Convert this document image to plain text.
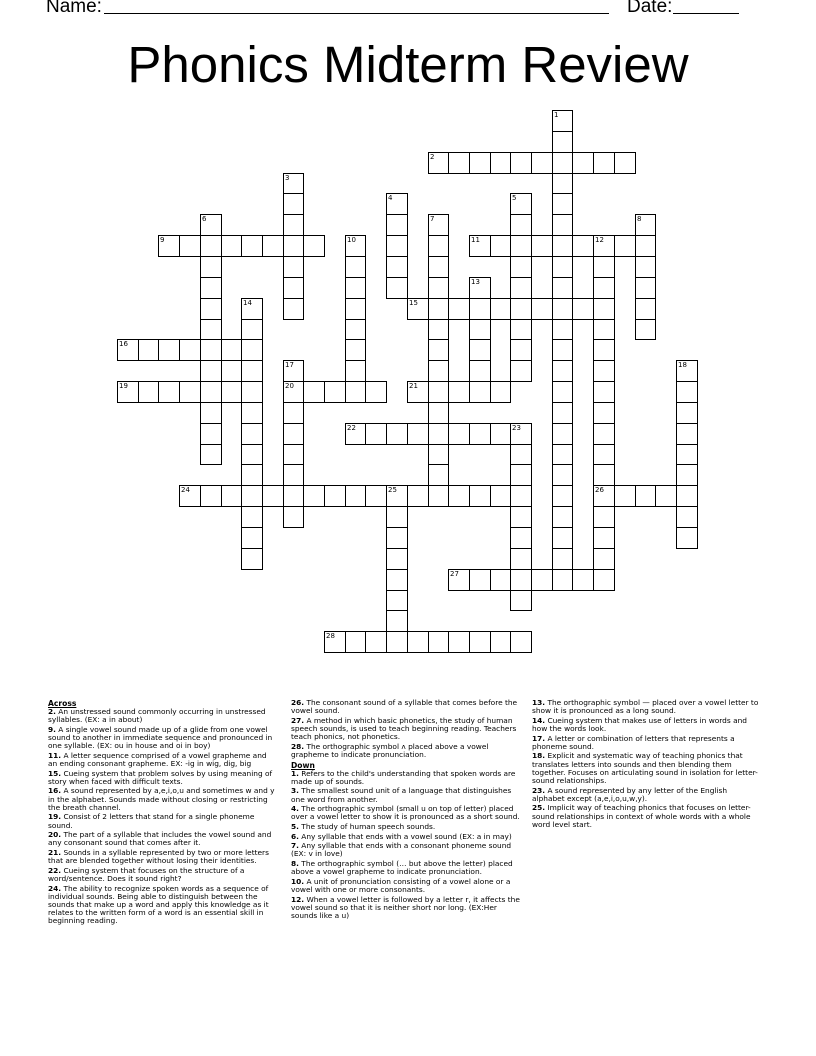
Name:	Date:
Phonics Midterm Review
1
2
3
4	5
6	7	8
9	10	11	12
26
13
14	15
16
17
20
18
19	21
22	23
24	25
27
28
Across
2. An unstressed sound commonly occurring in unstressed syllables. (EX: a in about)
9. A single vowel sound made up of a glide from one vowel sound to another in immediate sequence and pronounced in one syllable. (EX: ou in house and oi in boy)
11. A letter sequence comprised of a vowel grapheme and an ending consonant grapheme. EX: -ig in wig, dig, big
15. Cueing system that problem solves by using meaning of story when faced with difficult texts.
16. A sound represented by a,e,i,o,u and sometimes w and y in the alphabet. Sounds made without closing or restricting the breath channel.
19. Consist of 2 letters that stand for a single phoneme sound.
20. The part of a syllable that includes the vowel sound and any consonant sound that comes after it.
21. Sounds in a syllable represented by two or more letters that are blended together without losing their identities.
22. Cueing system that focuses on the structure of a word/sentence. Does it sound right?
24. The ability to recognize spoken words as a sequence of individual sounds. Being able to distinguish between the sounds that make up a word and apply this knowledge as it relates to the written form of a word is an essential skill in beginning reading.
26. The consonant sound of a syllable that comes before the vowel sound.
27. A method in which basic phonetics, the study of human speech sounds, is used to teach beginning reading. Teachers teach phonics, not phonetics.
28. The orthographic symbol ʌ placed above a vowel grapheme to indicate pronunciation.
Down
1. Refers to the child's understanding that spoken words are made up of sounds.
3. The smallest sound unit of a language that distinguishes one word from another.
4. The orthographic symbol (small u on top of letter) placed over a vowel letter to show it is pronounced as a short sound.
5. The study of human speech sounds.
6. Any syllable that ends with a vowel sound (EX: a in may)
7. Any syllable that ends with a consonant phoneme sound (EX: v in love)
8. The orthographic symbol (… but above the letter) placed above a vowel grapheme to indicate pronunciation.
10. A unit of pronunciation consisting of a vowel alone or a vowel with one or more consonants.
12. When a vowel letter is followed by a letter r, it affects the vowel sound so that it is neither short nor long. (EX:Her sounds like a u)
13. The orthographic symbol — placed over a vowel letter to show it is pronounced as a long sound.
14. Cueing system that makes use of letters in words and how the words look.
17. A letter or combination of letters that represents a phoneme sound.
18. Explicit and systematic way of teaching phonics that translates letters into sounds and then blending them together. Focuses on articulating sound in isolation for letter-sound relationships.
23. A sound represented by any letter of the English alphabet except (a,e,i,o,u,w,y).
25. Implicit way of teaching phonics that focuses on letter-sound relationships in context of whole words with a whole word level start.
